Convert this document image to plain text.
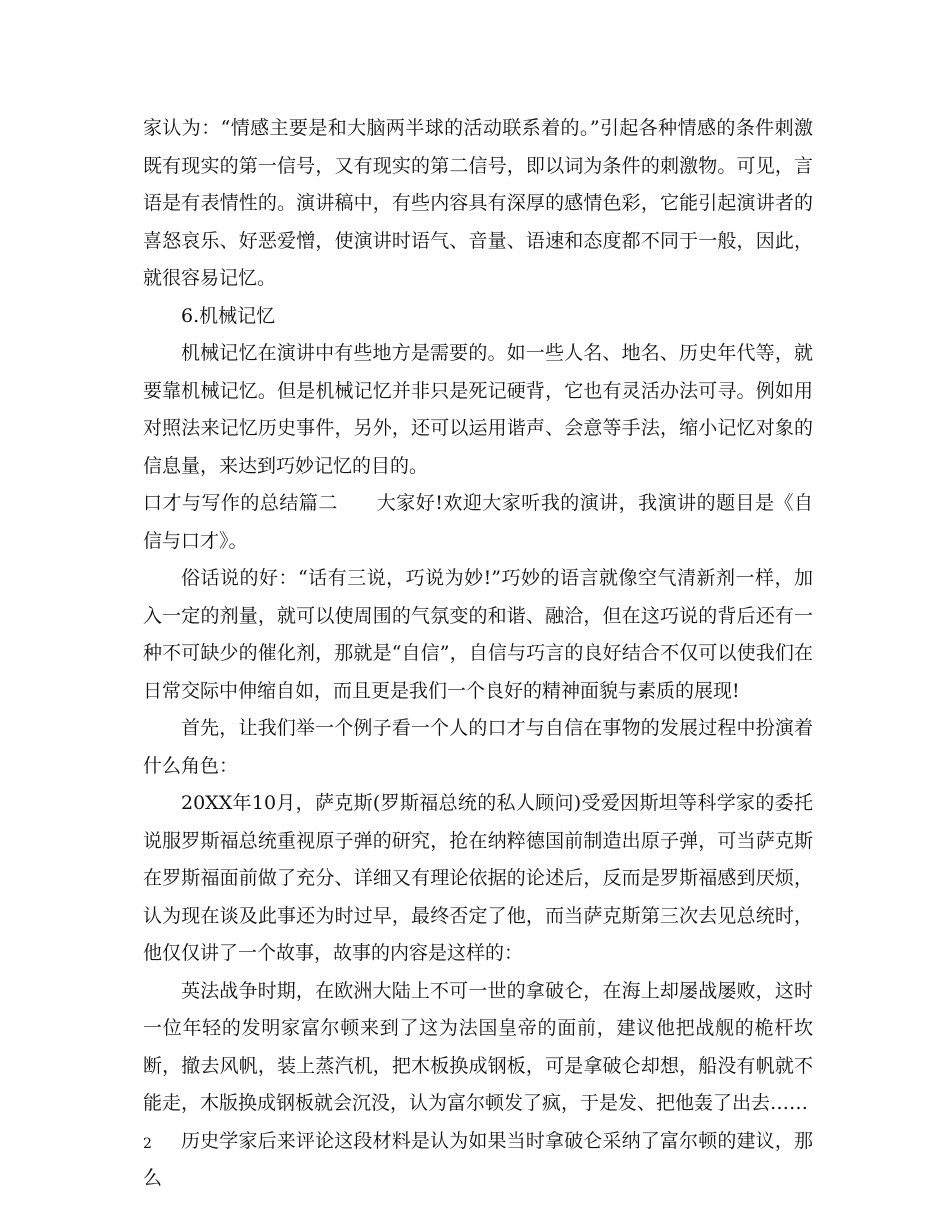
家认为：“情感主要是和大脑两半球的活动联系着的。”引起各种情感的条件刺激既有现实的第一信号，又有现实的第二信号，即以词为条件的刺激物。可见，言语是有表情性的。演讲稿中，有些内容具有深厚的感情色彩，它能引起演讲者的喜怒哀乐、好恶爱憎，使演讲时语气、音量、语速和态度都不同于一般，因此，就很容易记忆。

6.机械记忆

机械记忆在演讲中有些地方是需要的。如一些人名、地名、历史年代等，就要靠机械记忆。但是机械记忆并非只是死记硬背，它也有灵活办法可寻。例如用对照法来记忆历史事件，另外，还可以运用谐声、会意等手法，缩小记忆对象的信息量，来达到巧妙记忆的目的。

口才与写作的总结篇二　　大家好!欢迎大家听我的演讲，我演讲的题目是《自信与口才》。

俗话说的好：“话有三说，巧说为妙!”巧妙的语言就像空气清新剂一样，加入一定的剂量，就可以使周围的气氛变的和谐、融洽，但在这巧说的背后还有一种不可缺少的催化剂，那就是“自信”，自信与巧言的良好结合不仅可以使我们在日常交际中伸缩自如，而且更是我们一个良好的精神面貌与素质的展现!

首先，让我们举一个例子看一个人的口才与自信在事物的发展过程中扮演着什么角色：

20XX年10月，萨克斯(罗斯福总统的私人顾问)受爱因斯坦等科学家的委托说服罗斯福总统重视原子弹的研究，抢在纳粹德国前制造出原子弹，可当萨克斯在罗斯福面前做了充分、详细又有理论依据的论述后，反而是罗斯福感到厌烦，认为现在谈及此事还为时过早，最终否定了他，而当萨克斯第三次去见总统时，他仅仅讲了一个故事，故事的内容是这样的：

英法战争时期，在欧洲大陆上不可一世的拿破仑，在海上却屡战屡败，这时一位年轻的发明家富尔顿来到了这为法国皇帝的面前，建议他把战舰的桅杆坎断，撤去风帆，装上蒸汽机，把木板换成钢板，可是拿破仑却想，船没有帆就不能走，木版换成钢板就会沉没，认为富尔顿发了疯，于是发、把他轰了出去……

历史学家后来评论这段材料是认为如果当时拿破仑采纳了富尔顿的建议，那么

2
